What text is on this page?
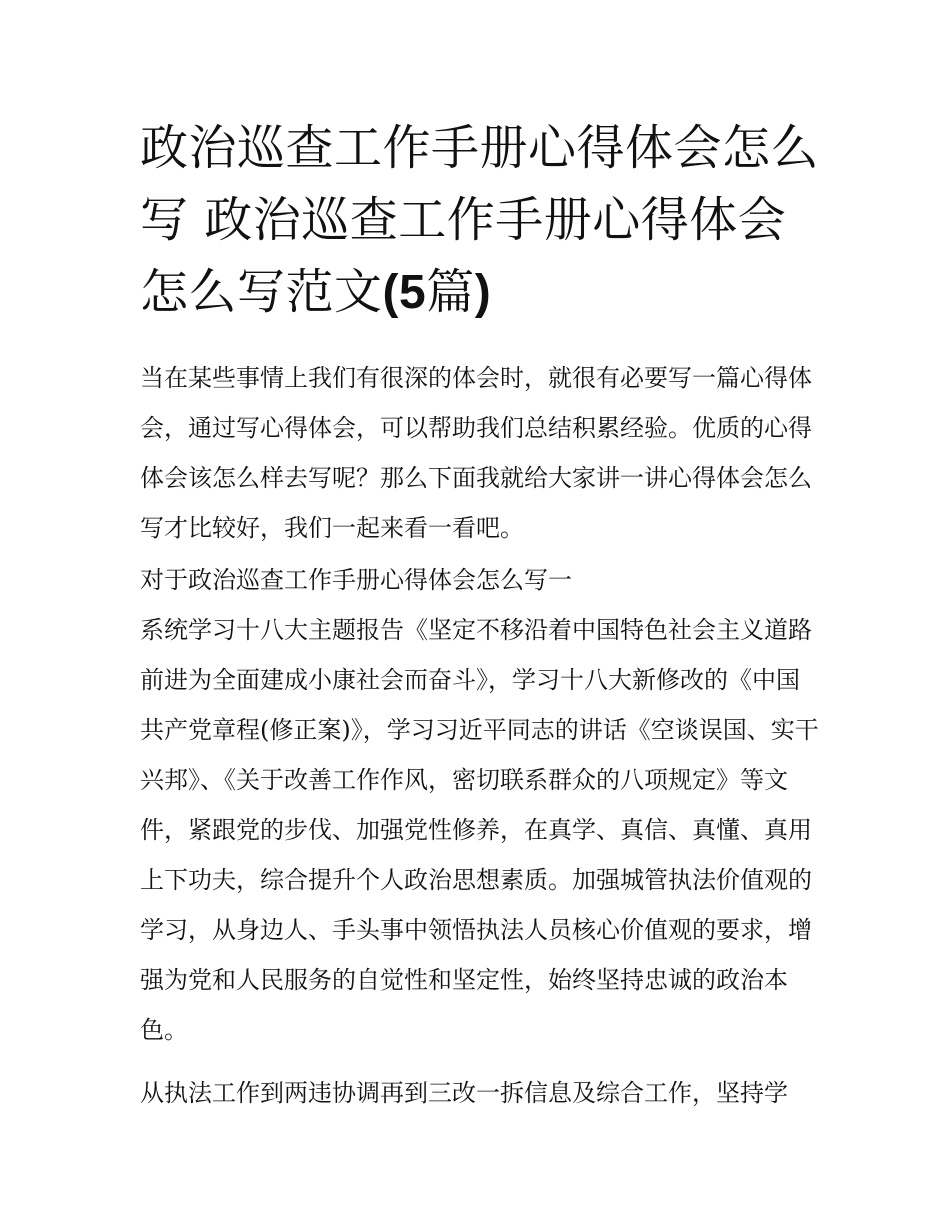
政治巡查工作手册心得体会怎么写 政治巡查工作手册心得体会怎么写范文(5篇)

当在某些事情上我们有很深的体会时，就很有必要写一篇心得体会，通过写心得体会，可以帮助我们总结积累经验。优质的心得体会该怎么样去写呢？那么下面我就给大家讲一讲心得体会怎么写才比较好，我们一起来看一看吧。

对于政治巡查工作手册心得体会怎么写一

系统学习十八大主题报告《坚定不移沿着中国特色社会主义道路前进为全面建成小康社会而奋斗》，学习十八大新修改的《中国共产党章程(修正案)》，学习习近平同志的讲话《空谈误国、实干兴邦》、《关于改善工作作风，密切联系群众的八项规定》等文件，紧跟党的步伐、加强党性修养，在真学、真信、真懂、真用上下功夫，综合提升个人政治思想素质。加强城管执法价值观的学习，从身边人、手头事中领悟执法人员核心价值观的要求，增强为党和人民服务的自觉性和坚定性，始终坚持忠诚的政治本色。

从执法工作到两违协调再到三改一拆信息及综合工作，坚持学
